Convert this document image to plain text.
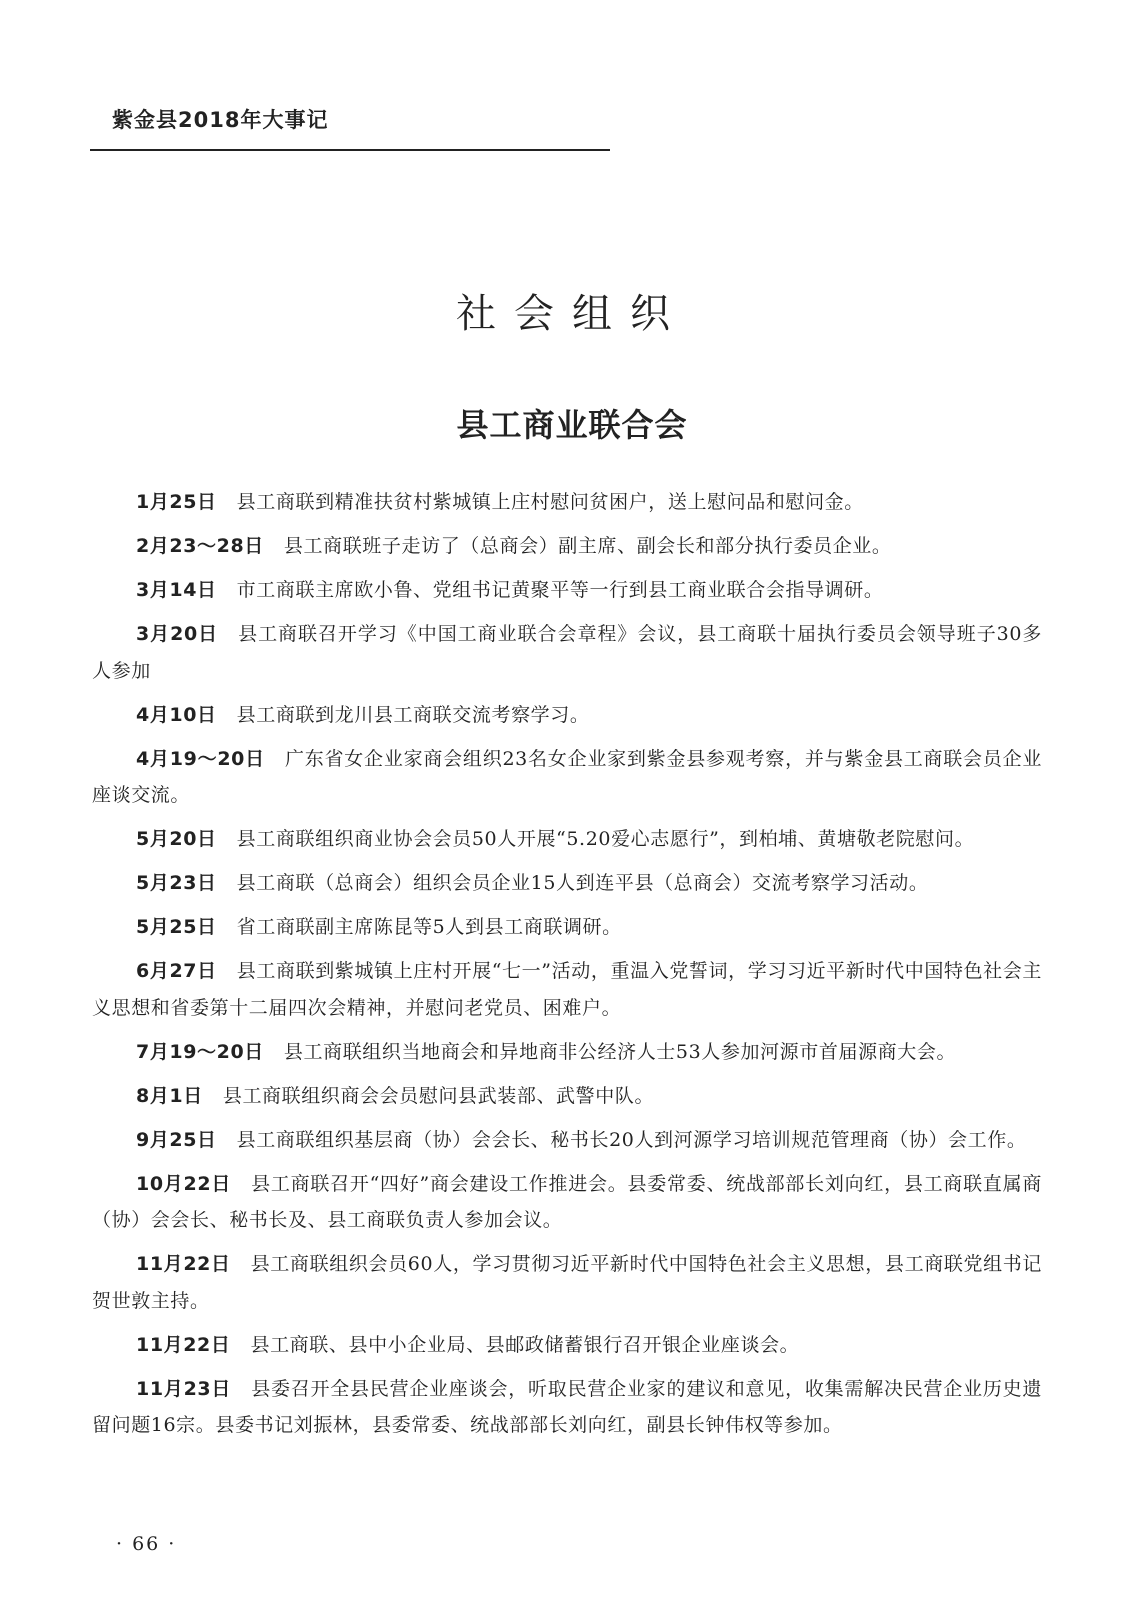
紫金县2018年大事记
社会组织
县工商业联合会

1月25日 县工商联到精准扶贫村紫城镇上庄村慰问贫困户，送上慰问品和慰问金。

2月23～28日 县工商联班子走访了（总商会）副主席、副会长和部分执行委员企业。

3月14日 市工商联主席欧小鲁、党组书记黄聚平等一行到县工商业联合会指导调研。

3月20日 县工商联召开学习《中国工商业联合会章程》会议，县工商联十届执行委员会领导班子30多人参加

4月10日 县工商联到龙川县工商联交流考察学习。

4月19～20日 广东省女企业家商会组织23名女企业家到紫金县参观考察，并与紫金县工商联会员企业座谈交流。

5月20日 县工商联组织商业协会会员50人开展“5.20爱心志愿行”，到柏埔、黄塘敬老院慰问。

5月23日 县工商联（总商会）组织会员企业15人到连平县（总商会）交流考察学习活动。

5月25日 省工商联副主席陈昆等5人到县工商联调研。

6月27日 县工商联到紫城镇上庄村开展“七一”活动，重温入党誓词，学习习近平新时代中国特色社会主义思想和省委第十二届四次会精神，并慰问老党员、困难户。

7月19～20日 县工商联组织当地商会和异地商非公经济人士53人参加河源市首届源商大会。

8月1日 县工商联组织商会会员慰问县武装部、武警中队。

9月25日 县工商联组织基层商（协）会会长、秘书长20人到河源学习培训规范管理商（协）会工作。

10月22日 县工商联召开“四好”商会建设工作推进会。县委常委、统战部部长刘向红，县工商联直属商（协）会会长、秘书长及、县工商联负责人参加会议。

11月22日 县工商联组织会员60人，学习贯彻习近平新时代中国特色社会主义思想，县工商联党组书记贺世敦主持。

11月22日 县工商联、县中小企业局、县邮政储蓄银行召开银企业座谈会。

11月23日 县委召开全县民营企业座谈会，听取民营企业家的建议和意见，收集需解决民营企业历史遗留问题16宗。县委书记刘振林，县委常委、统战部部长刘向红，副县长钟伟权等参加。

· 66 ·
